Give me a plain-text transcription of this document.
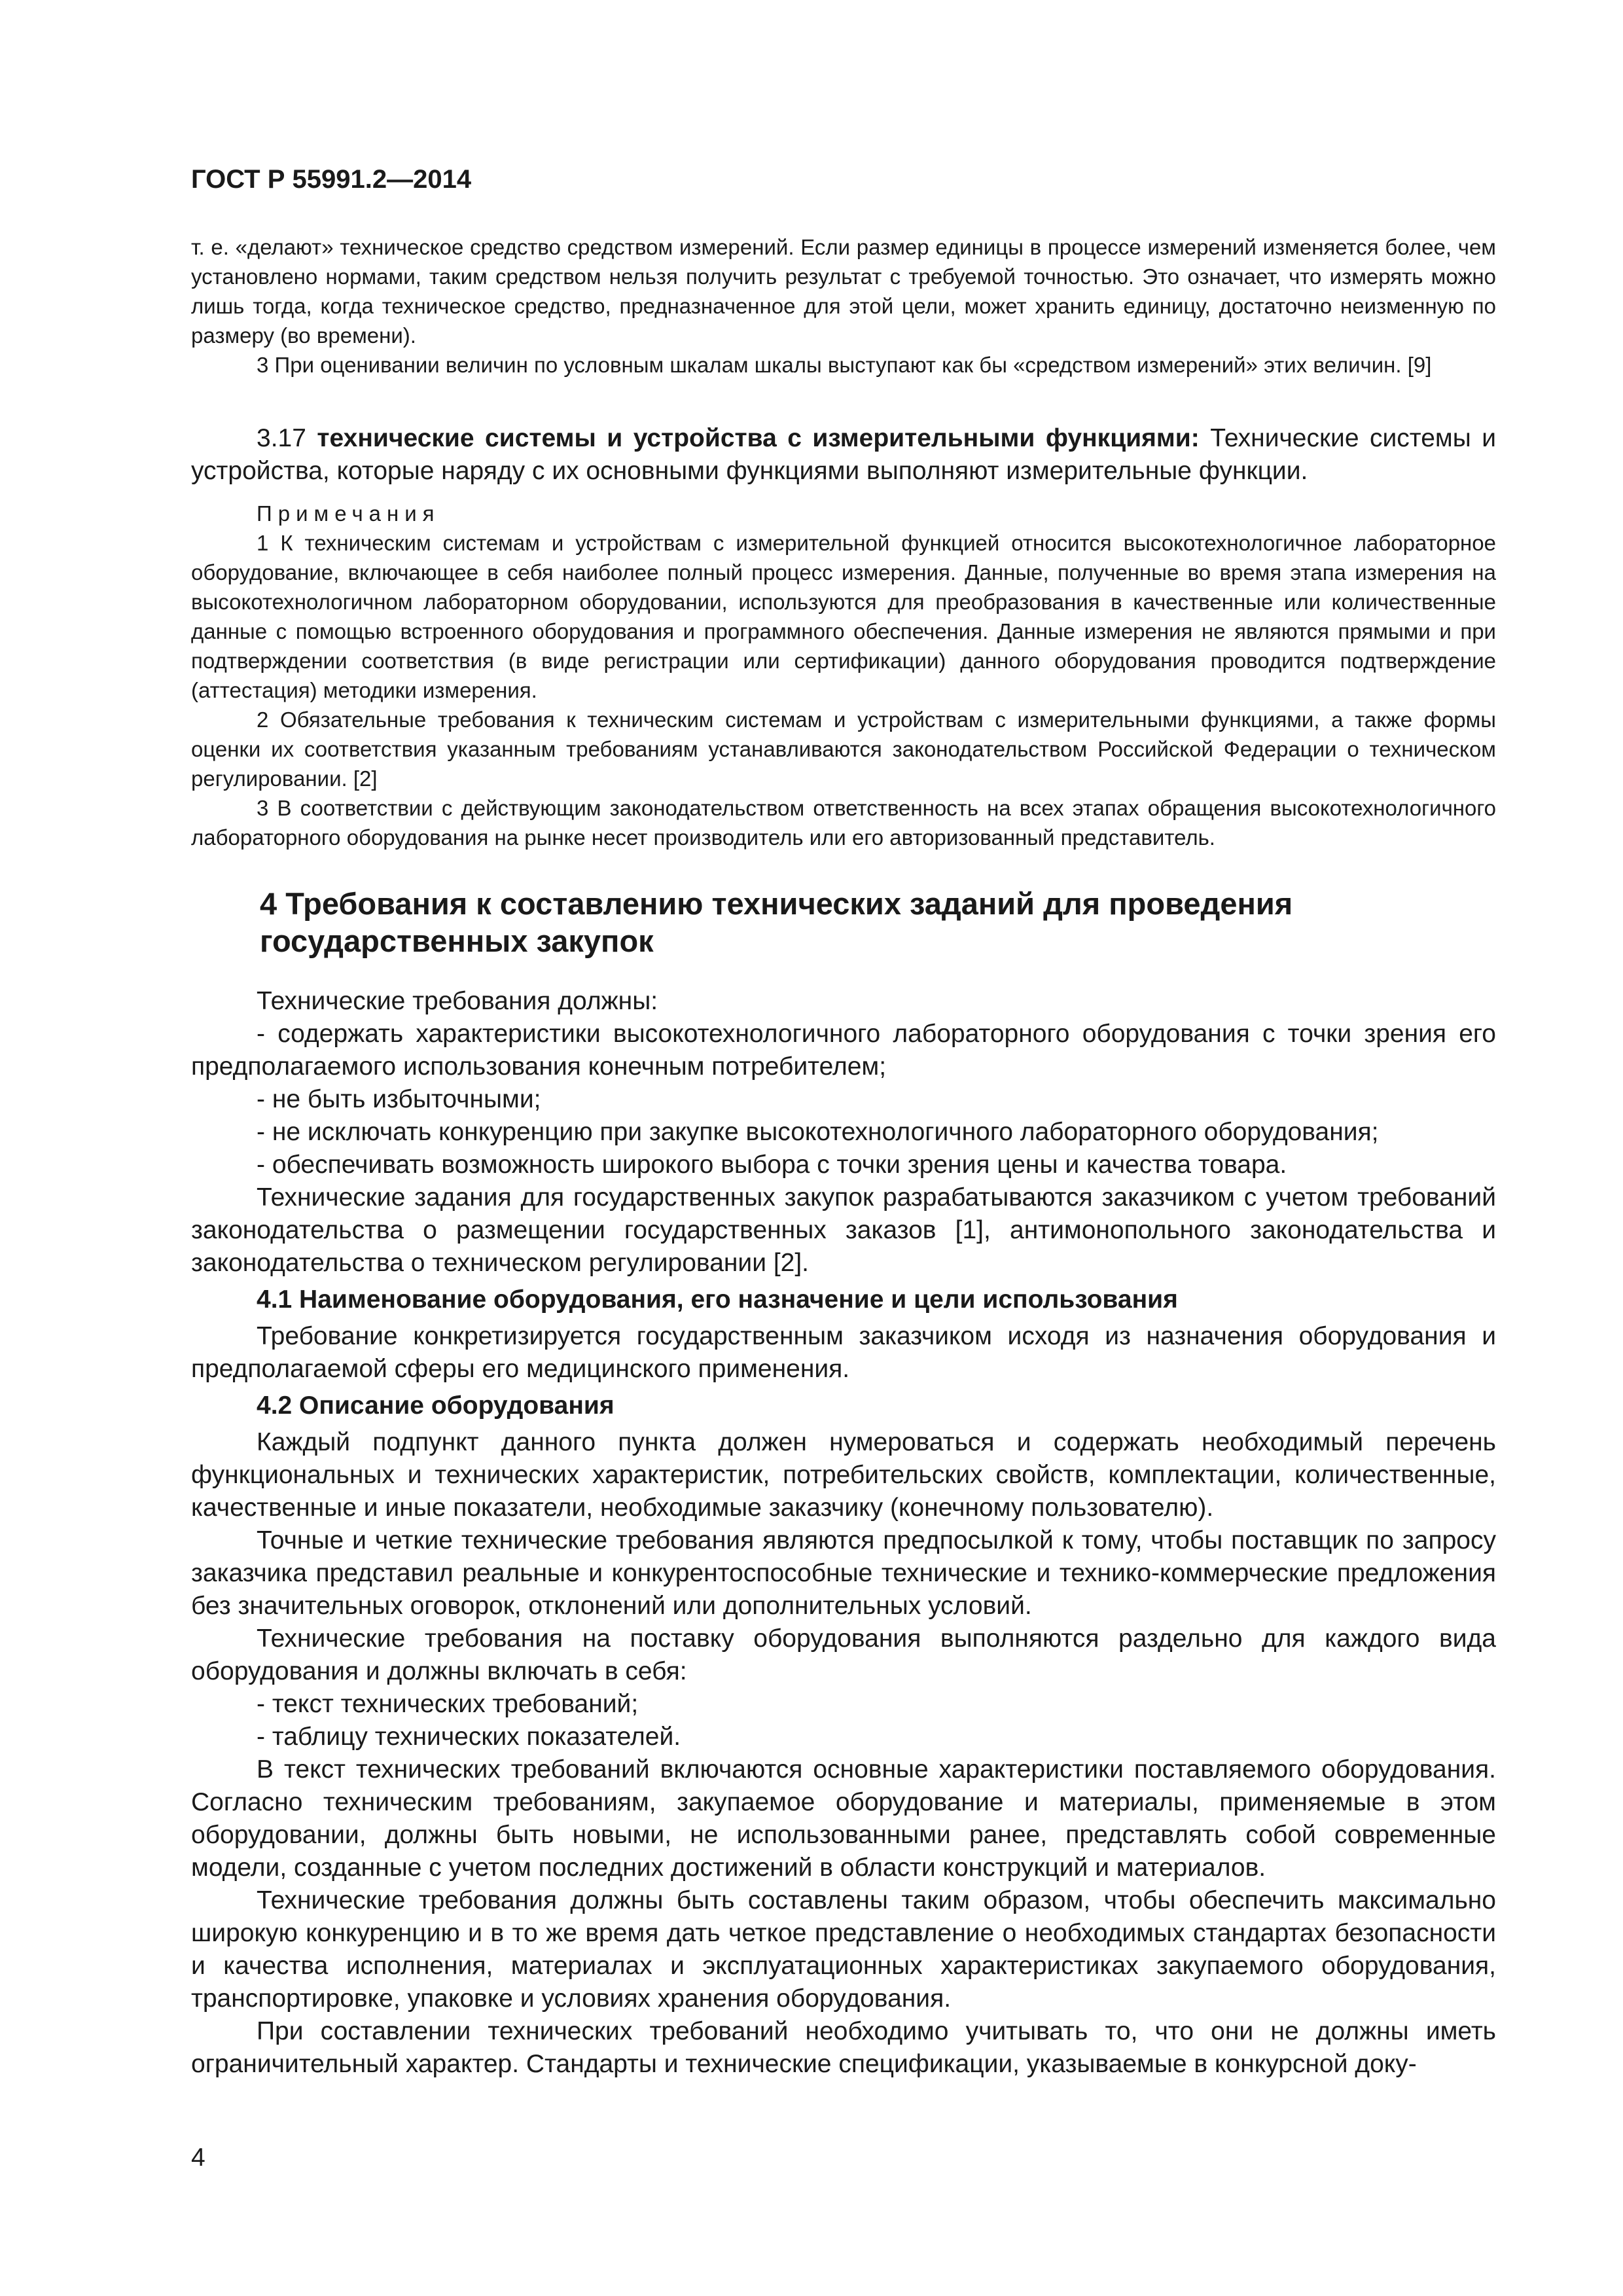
ГОСТ Р 55991.2—2014

т. е. «делают» техническое средство средством измерений. Если размер единицы в процессе измерений изменяется более, чем установлено нормами, таким средством нельзя получить результат с требуемой точностью. Это означает, что измерять можно лишь тогда, когда техническое средство, предназначенное для этой цели, может хранить единицу, достаточно неизменную по размеру (во времени).

3 При оценивании величин по условным шкалам шкалы выступают как бы «средством измерений» этих величин. [9]

3.17 технические системы и устройства с измерительными функциями: Технические системы и устройства, которые наряду с их основными функциями выполняют измерительные функции.

Примечания

1 К техническим системам и устройствам с измерительной функцией относится высокотехнологичное лабораторное оборудование, включающее в себя наиболее полный процесс измерения. Данные, полученные во время этапа измерения на высокотехнологичном лабораторном оборудовании, используются для преобразования в качественные или количественные данные с помощью встроенного оборудования и программного обеспечения. Данные измерения не являются прямыми и при подтверждении соответствия (в виде регистрации или сертификации) данного оборудования проводится подтверждение (аттестация) методики измерения.

2 Обязательные требования к техническим системам и устройствам с измерительными функциями, а также формы оценки их соответствия указанным требованиям устанавливаются законодательством Российской Федерации о техническом регулировании. [2]

3 В соответствии с действующим законодательством ответственность на всех этапах обращения высокотехнологичного лабораторного оборудования на рынке несет производитель или его авторизованный представитель.

4 Требования к составлению технических заданий для проведения государственных закупок

Технические требования должны:

- содержать характеристики высокотехнологичного лабораторного оборудования с точки зрения его предполагаемого использования конечным потребителем;

- не быть избыточными;

- не исключать конкуренцию при закупке высокотехнологичного лабораторного оборудования;

- обеспечивать возможность широкого выбора с точки зрения цены и качества товара.

Технические задания для государственных закупок разрабатываются заказчиком с учетом требований законодательства о размещении государственных заказов [1], антимонопольного законодательства и законодательства о техническом регулировании [2].

4.1 Наименование оборудования, его назначение и цели использования

Требование конкретизируется государственным заказчиком исходя из назначения оборудования и предполагаемой сферы его медицинского применения.

4.2 Описание оборудования

Каждый подпункт данного пункта должен нумероваться и содержать необходимый перечень функциональных и технических характеристик, потребительских свойств, комплектации, количественные, качественные и иные показатели, необходимые заказчику (конечному пользователю).

Точные и четкие технические требования являются предпосылкой к тому, чтобы поставщик по запросу заказчика представил реальные и конкурентоспособные технические и технико-коммерческие предложения без значительных оговорок, отклонений или дополнительных условий.

Технические требования на поставку оборудования выполняются раздельно для каждого вида оборудования и должны включать в себя:

- текст технических требований;

- таблицу технических показателей.

В текст технических требований включаются основные характеристики поставляемого оборудования. Согласно техническим требованиям, закупаемое оборудование и материалы, применяемые в этом оборудовании, должны быть новыми, не использованными ранее, представлять собой современные модели, созданные с учетом последних достижений в области конструкций и материалов.

Технические требования должны быть составлены таким образом, чтобы обеспечить максимально широкую конкуренцию и в то же время дать четкое представление о необходимых стандартах безопасности и качества исполнения, материалах и эксплуатационных характеристиках закупаемого оборудования, транспортировке, упаковке и условиях хранения оборудования.

При составлении технических требований необходимо учитывать то, что они не должны иметь ограничительный характер. Стандарты и технические спецификации, указываемые в конкурсной доку-

4
